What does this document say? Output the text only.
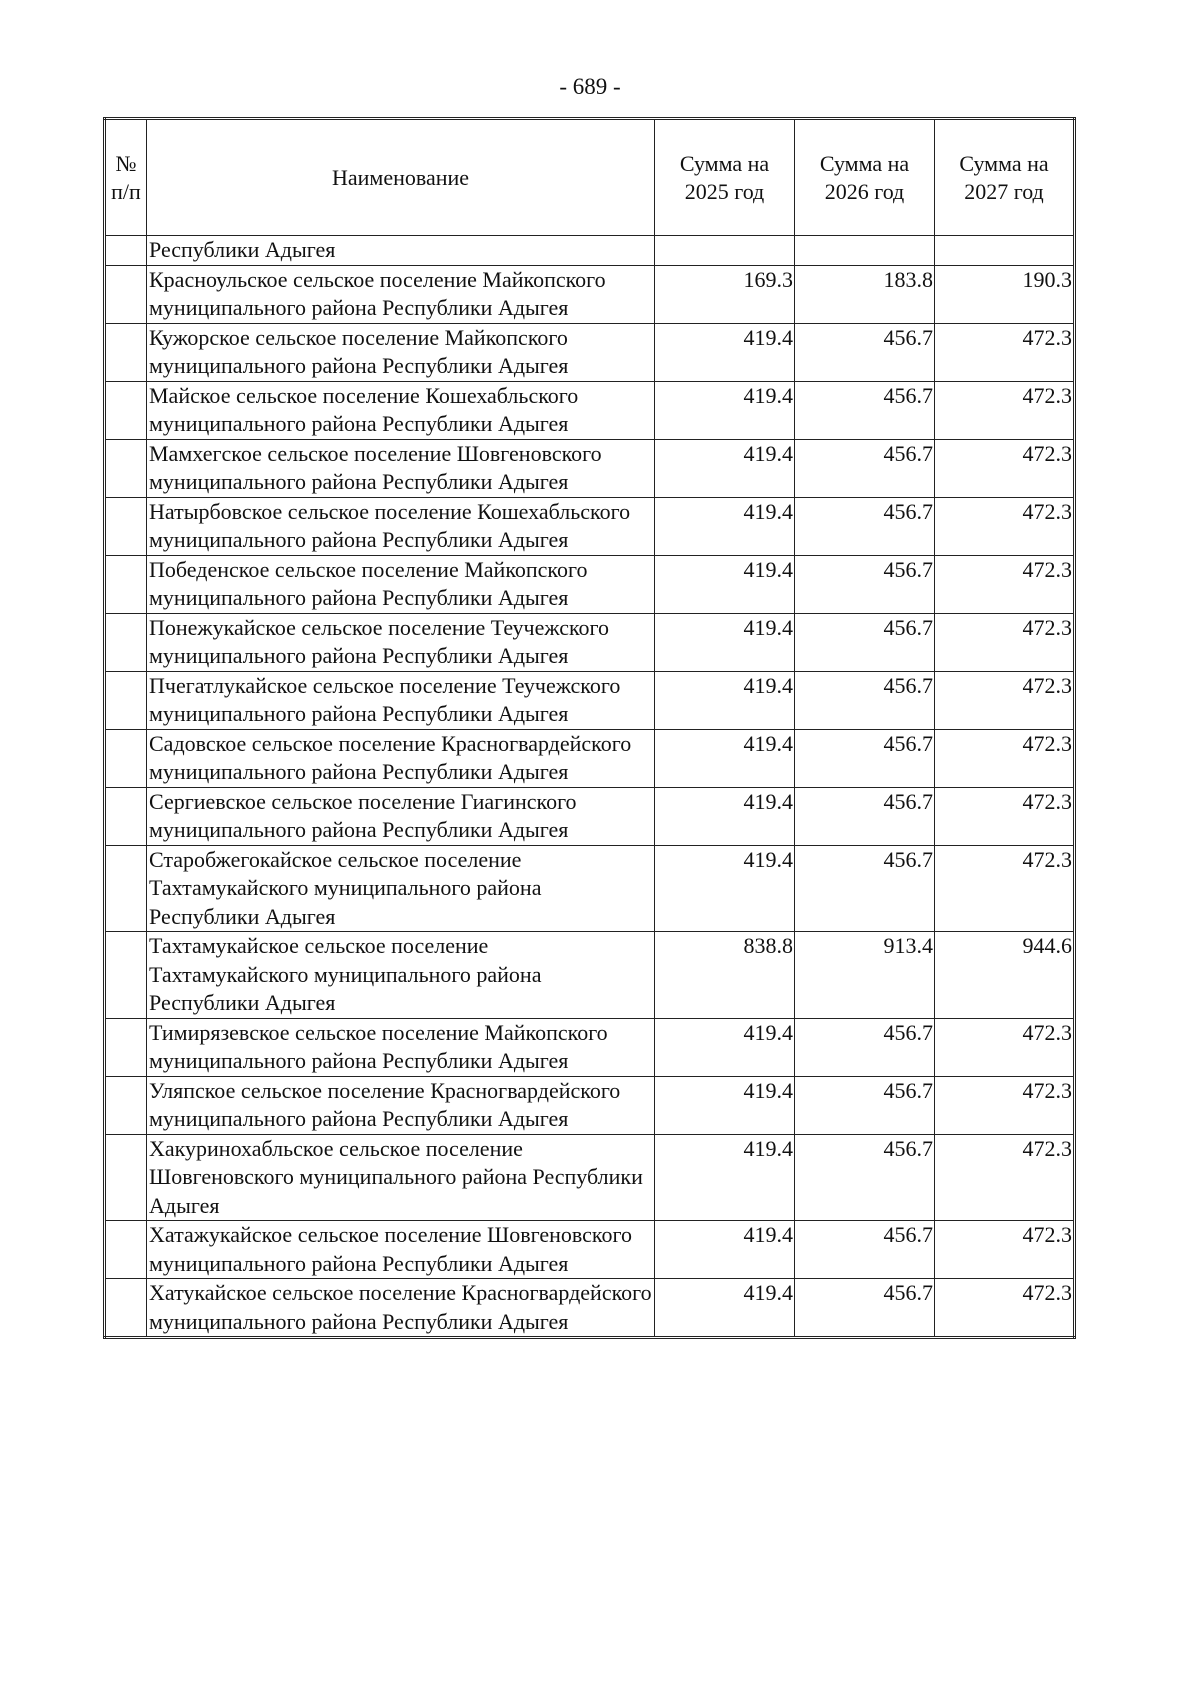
- 689 -
№ п/п	Наименование	Сумма на 2025 год	Сумма на 2026 год	Сумма на 2027 год
	Республики Адыгея			
	Красноульское сельское поселение Майкопского муниципального района Республики Адыгея	169.3	183.8	190.3
	Кужорское сельское поселение Майкопского муниципального района Республики Адыгея	419.4	456.7	472.3
	Майское сельское поселение Кошехабльского муниципального района Республики Адыгея	419.4	456.7	472.3
	Мамхегское сельское поселение Шовгеновского муниципального района Республики Адыгея	419.4	456.7	472.3
	Натырбовское сельское поселение Кошехабльского муниципального района Республики Адыгея	419.4	456.7	472.3
	Победенское сельское поселение Майкопского муниципального района Республики Адыгея	419.4	456.7	472.3
	Понежукайское сельское поселение Теучежского муниципального района Республики Адыгея	419.4	456.7	472.3
	Пчегатлукайское сельское поселение Теучежского муниципального района Республики Адыгея	419.4	456.7	472.3
	Садовское сельское поселение Красногвардейского муниципального района Республики Адыгея	419.4	456.7	472.3
	Сергиевское сельское поселение Гиагинского муниципального района Республики Адыгея	419.4	456.7	472.3
	Старобжегокайское сельское поселение Тахтамукайского муниципального района Республики Адыгея	419.4	456.7	472.3
	Тахтамукайское сельское поселение Тахтамукайского муниципального района Республики Адыгея	838.8	913.4	944.6
	Тимирязевское сельское поселение Майкопского муниципального района Республики Адыгея	419.4	456.7	472.3
	Уляпское сельское поселение Красногвардейского муниципального района Республики Адыгея	419.4	456.7	472.3
	Хакуринохабльское сельское поселение Шовгеновского муниципального района Республики Адыгея	419.4	456.7	472.3
	Хатажукайское сельское поселение Шовгеновского муниципального района Республики Адыгея	419.4	456.7	472.3
	Хатукайское сельское поселение Красногвардейского муниципального района Республики Адыгея	419.4	456.7	472.3
